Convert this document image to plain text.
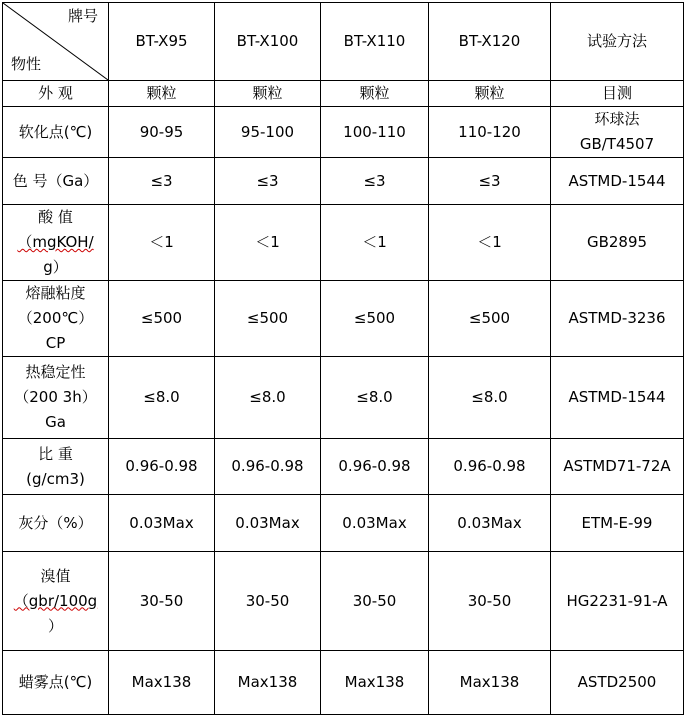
牌号
物性	BT-X95	BT-X100	BT-X110	BT-X120	试验方法

外 观	颗粒	颗粒	颗粒	颗粒	目测

软化点(℃)	90-95	95-100	100-110	110-120	环球法
GB/T4507

色 号（Ga）	≤3	≤3	≤3	≤3	ASTMD-1544

酸 值
（mgKOH/
g）	＜1	＜1	＜1	＜1	GB2895

熔融粘度
（200℃）
CP	≤500	≤500	≤500	≤500	ASTMD-3236

热稳定性
（200 3h）
Ga	≤8.0	≤8.0	≤8.0	≤8.0	ASTMD-1544

比 重
(g/cm3)	0.96-0.98	0.96-0.98	0.96-0.98	0.96-0.98	ASTMD71-72A

灰分（%）	0.03Max	0.03Max	0.03Max	0.03Max	ETM-E-99

溴值
（gbr/100g
）	30-50	30-50	30-50	30-50	HG2231-91-A

蜡雾点(℃)	Max138	Max138	Max138	Max138	ASTD2500
